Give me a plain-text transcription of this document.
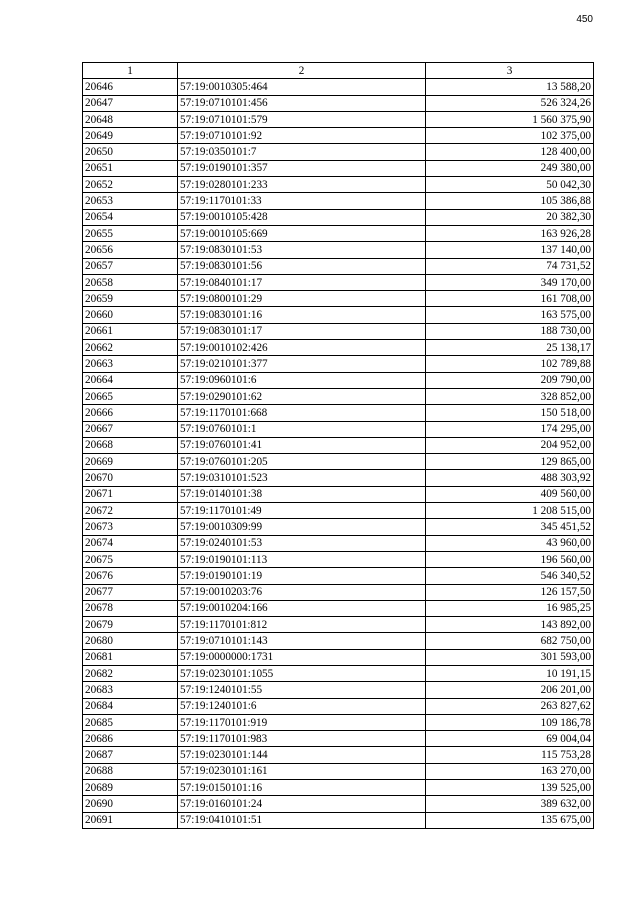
450
1	2	3
20646	57:19:0010305:464	13 588,20
20647	57:19:0710101:456	526 324,26
20648	57:19:0710101:579	1 560 375,90
20649	57:19:0710101:92	102 375,00
20650	57:19:0350101:7	128 400,00
20651	57:19:0190101:357	249 380,00
20652	57:19:0280101:233	50 042,30
20653	57:19:1170101:33	105 386,88
20654	57:19:0010105:428	20 382,30
20655	57:19:0010105:669	163 926,28
20656	57:19:0830101:53	137 140,00
20657	57:19:0830101:56	74 731,52
20658	57:19:0840101:17	349 170,00
20659	57:19:0800101:29	161 708,00
20660	57:19:0830101:16	163 575,00
20661	57:19:0830101:17	188 730,00
20662	57:19:0010102:426	25 138,17
20663	57:19:0210101:377	102 789,88
20664	57:19:0960101:6	209 790,00
20665	57:19:0290101:62	328 852,00
20666	57:19:1170101:668	150 518,00
20667	57:19:0760101:1	174 295,00
20668	57:19:0760101:41	204 952,00
20669	57:19:0760101:205	129 865,00
20670	57:19:0310101:523	488 303,92
20671	57:19:0140101:38	409 560,00
20672	57:19:1170101:49	1 208 515,00
20673	57:19:0010309:99	345 451,52
20674	57:19:0240101:53	43 960,00
20675	57:19:0190101:113	196 560,00
20676	57:19:0190101:19	546 340,52
20677	57:19:0010203:76	126 157,50
20678	57:19:0010204:166	16 985,25
20679	57:19:1170101:812	143 892,00
20680	57:19:0710101:143	682 750,00
20681	57:19:0000000:1731	301 593,00
20682	57:19:0230101:1055	10 191,15
20683	57:19:1240101:55	206 201,00
20684	57:19:1240101:6	263 827,62
20685	57:19:1170101:919	109 186,78
20686	57:19:1170101:983	69 004,04
20687	57:19:0230101:144	115 753,28
20688	57:19:0230101:161	163 270,00
20689	57:19:0150101:16	139 525,00
20690	57:19:0160101:24	389 632,00
20691	57:19:0410101:51	135 675,00
